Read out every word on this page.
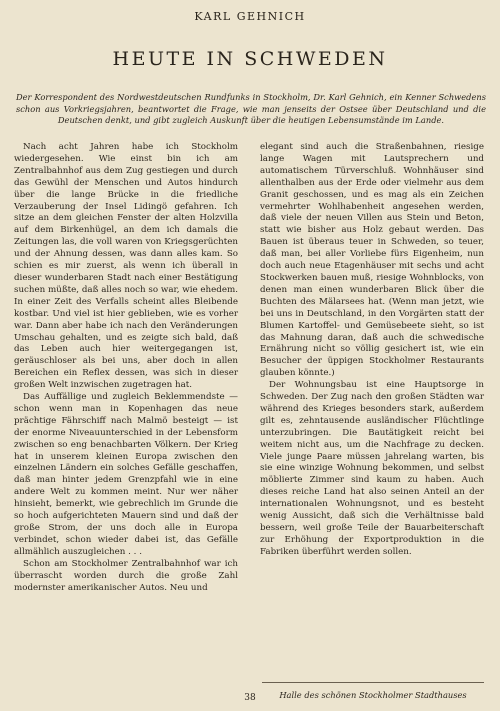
KARL GEHNICH
HEUTE IN SCHWEDEN
Der Korrespondent des Nordwestdeutschen Rundfunks in Stockholm, Dr. Karl Gehnich, ein Kenner Schwedens schon aus Vorkriegsjahren, beantwortet die Frage, wie man jenseits der Ostsee über Deutschland und die Deutschen denkt, und gibt zugleich Auskunft über die heutigen Lebensumstände im Lande.

Nach acht Jahren habe ich Stockholm wiedergesehen. Wie einst bin ich am Zentralbahnhof aus dem Zug gestiegen und durch das Gewühl der Menschen und Autos hindurch über die lange Brücke in die friedliche Verzauberung der Insel Lidingö gefahren. Ich sitze an dem gleichen Fenster der alten Holzvilla auf dem Birkenhügel, an dem ich damals die Zeitungen las, die voll waren von Kriegsgerüchten und der Ahnung dessen, was dann alles kam. So schien es mir zuerst, als wenn ich überall in dieser wunderbaren Stadt nach einer Bestätigung suchen müßte, daß alles noch so war, wie ehedem. In einer Zeit des Verfalls scheint alles Bleibende kostbar. Und viel ist hier geblieben, wie es vorher war. Dann aber habe ich nach den Veränderungen Umschau gehalten, und es zeigte sich bald, daß das Leben auch hier weitergegangen ist, geräuschloser als bei uns, aber doch in allen Bereichen ein Reflex dessen, was sich in dieser großen Welt inzwischen zugetragen hat.

Das Auffällige und zugleich Beklemmendste — schon wenn man in Kopenhagen das neue prächtige Fährschiff nach Malmö besteigt — ist der enorme Niveauunterschied in der Lebensform zwischen so eng benachbarten Völkern. Der Krieg hat in unserem kleinen Europa zwischen den einzelnen Ländern ein solches Gefälle geschaffen, daß man hinter jedem Grenzpfahl wie in eine andere Welt zu kommen meint. Nur wer näher hinsieht, bemerkt, wie gebrechlich im Grunde die so hoch aufgerichteten Mauern sind und daß der große Strom, der uns doch alle in Europa verbindet, schon wieder dabei ist, das Gefälle allmählich auszugleichen . . .

Schon am Stockholmer Zentralbahnhof war ich überrascht worden durch die große Zahl modernster amerikanischer Autos. Neu und

elegant sind auch die Straßenbahnen, riesige lange Wagen mit Lautsprechern und automatischem Türverschluß. Wohnhäuser sind allenthalben aus der Erde oder vielmehr aus dem Granit geschossen, und es mag als ein Zeichen vermehrter Wohlhabenheit angesehen werden, daß viele der neuen Villen aus Stein und Beton, statt wie bisher aus Holz gebaut werden. Das Bauen ist überaus teuer in Schweden, so teuer, daß man, bei aller Vorliebe fürs Eigenheim, nun doch auch neue Etagenhäuser mit sechs und acht Stockwerken bauen muß, riesige Wohnblocks, von denen man einen wunderbaren Blick über die Buchten des Mälarsees hat. (Wenn man jetzt, wie bei uns in Deutschland, in den Vorgärten statt der Blumen Kartoffel- und Gemüsebeete sieht, so ist das Mahnung daran, daß auch die schwedische Ernährung nicht so völlig gesichert ist, wie ein Besucher der üppigen Stockholmer Restaurants glauben könnte.)

Der Wohnungsbau ist eine Hauptsorge in Schweden. Der Zug nach den großen Städten war während des Krieges besonders stark, außerdem gilt es, zehntausende ausländischer Flüchtlinge unterzubringen. Die Bautätigkeit reicht bei weitem nicht aus, um die Nachfrage zu decken. Viele junge Paare müssen jahrelang warten, bis sie eine winzige Wohnung bekommen, und selbst möblierte Zimmer sind kaum zu haben. Auch dieses reiche Land hat also seinen Anteil an der internationalen Wohnungsnot, und es besteht wenig Aussicht, daß sich die Verhältnisse bald bessern, weil große Teile der Bauarbeiterschaft zur Erhöhung der Exportproduktion in die Fabriken überführt werden sollen.

Halle des schönen Stockholmer Stadthauses
38
